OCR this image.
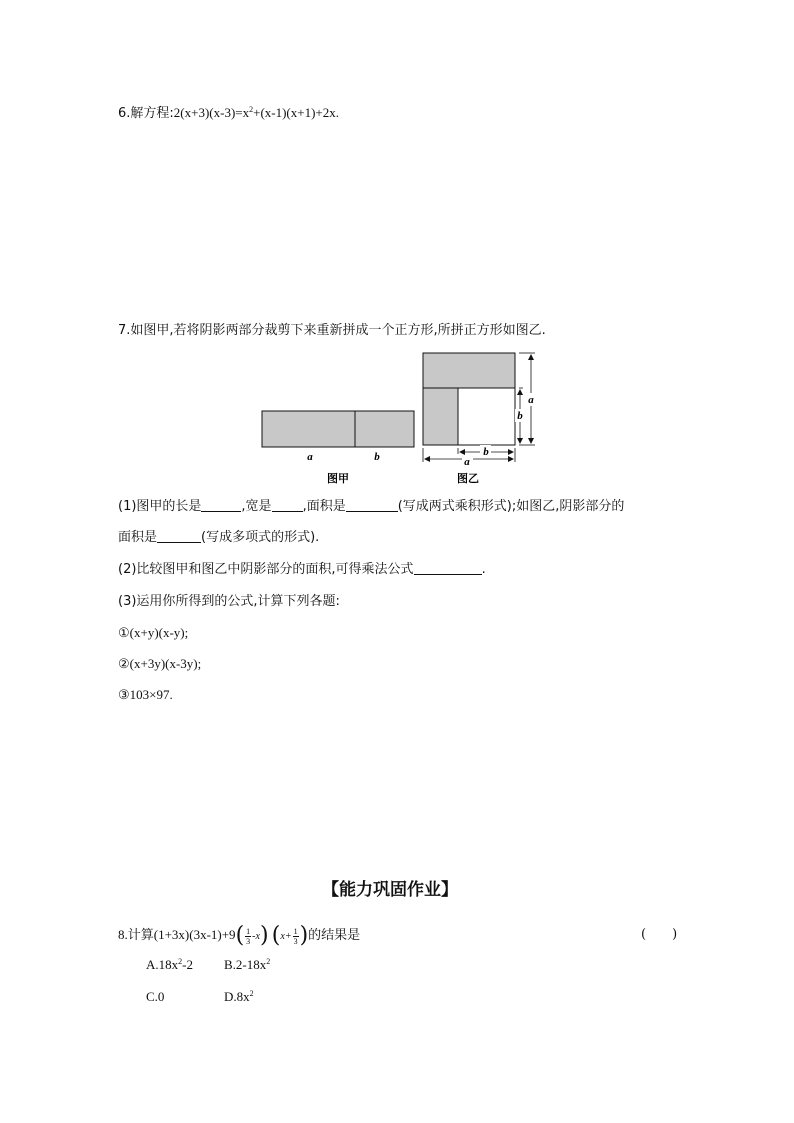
6.解方程$:2(x+3)(x-3)=x^2+(x-1)(x+1)+2x$.
7.如图甲,若将阴影两部分裁剪下来重新拼成一个正方形,所拼正方形如图乙.
a	b
图甲
a
b
b
a
图乙
(1)图甲的长是	,宽是 ,面积是	(写成两式乘积形式);如图乙,阴影部分的
面积是	(写成多项式的形式).
(2)比较图甲和图乙中阴影部分的面积,可得乘法公式	.
(3)运用你所得到的公式,计算下列各题:
①(x+y)(x-y);
②(x+3y)(x-3y);
③103×97.
【能力巩固作业】
8.计算$(1+3x)(3x-1)+9( \frac{1}{3} -x)$ ($x+ \frac{1}{3}$ )的结果是	(　　)
$A.18x^2-2$ $B.2-18x^2$
C.0	$D.8x^2$
